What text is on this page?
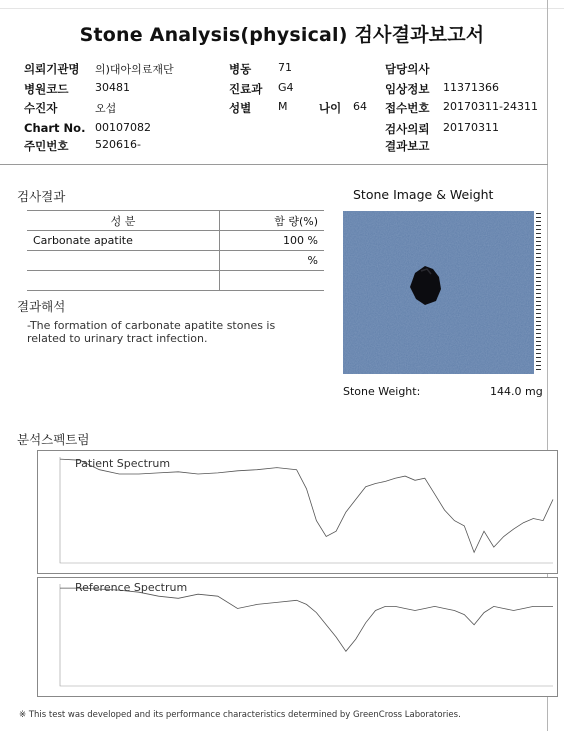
Stone Analysis(physical) 검사결과보고서
의뢰기관명 의)대아의료재단	병동 71	담당의사
병원코드 30481	진료과 G4	임상정보 11371366
수진자	오섭	성별 M	나이 64 접수번호 20170311-24311
Chart No. 00107082	검사의뢰 20170311
주민번호 520616-	결과보고
검사결과
성 분	함 량(%)
Carbonate apatite	100 %
	%

결과해석
-The formation of carbonate apatite stones is
related to urinary tract infection.
Stone Image & Weight
Stone Weight:	144.0 mg
분석스펙트럼
Patient Spectrum
Reference Spectrum
※ This test was developed and its performance characteristics determined by GreenCross Laboratories.
